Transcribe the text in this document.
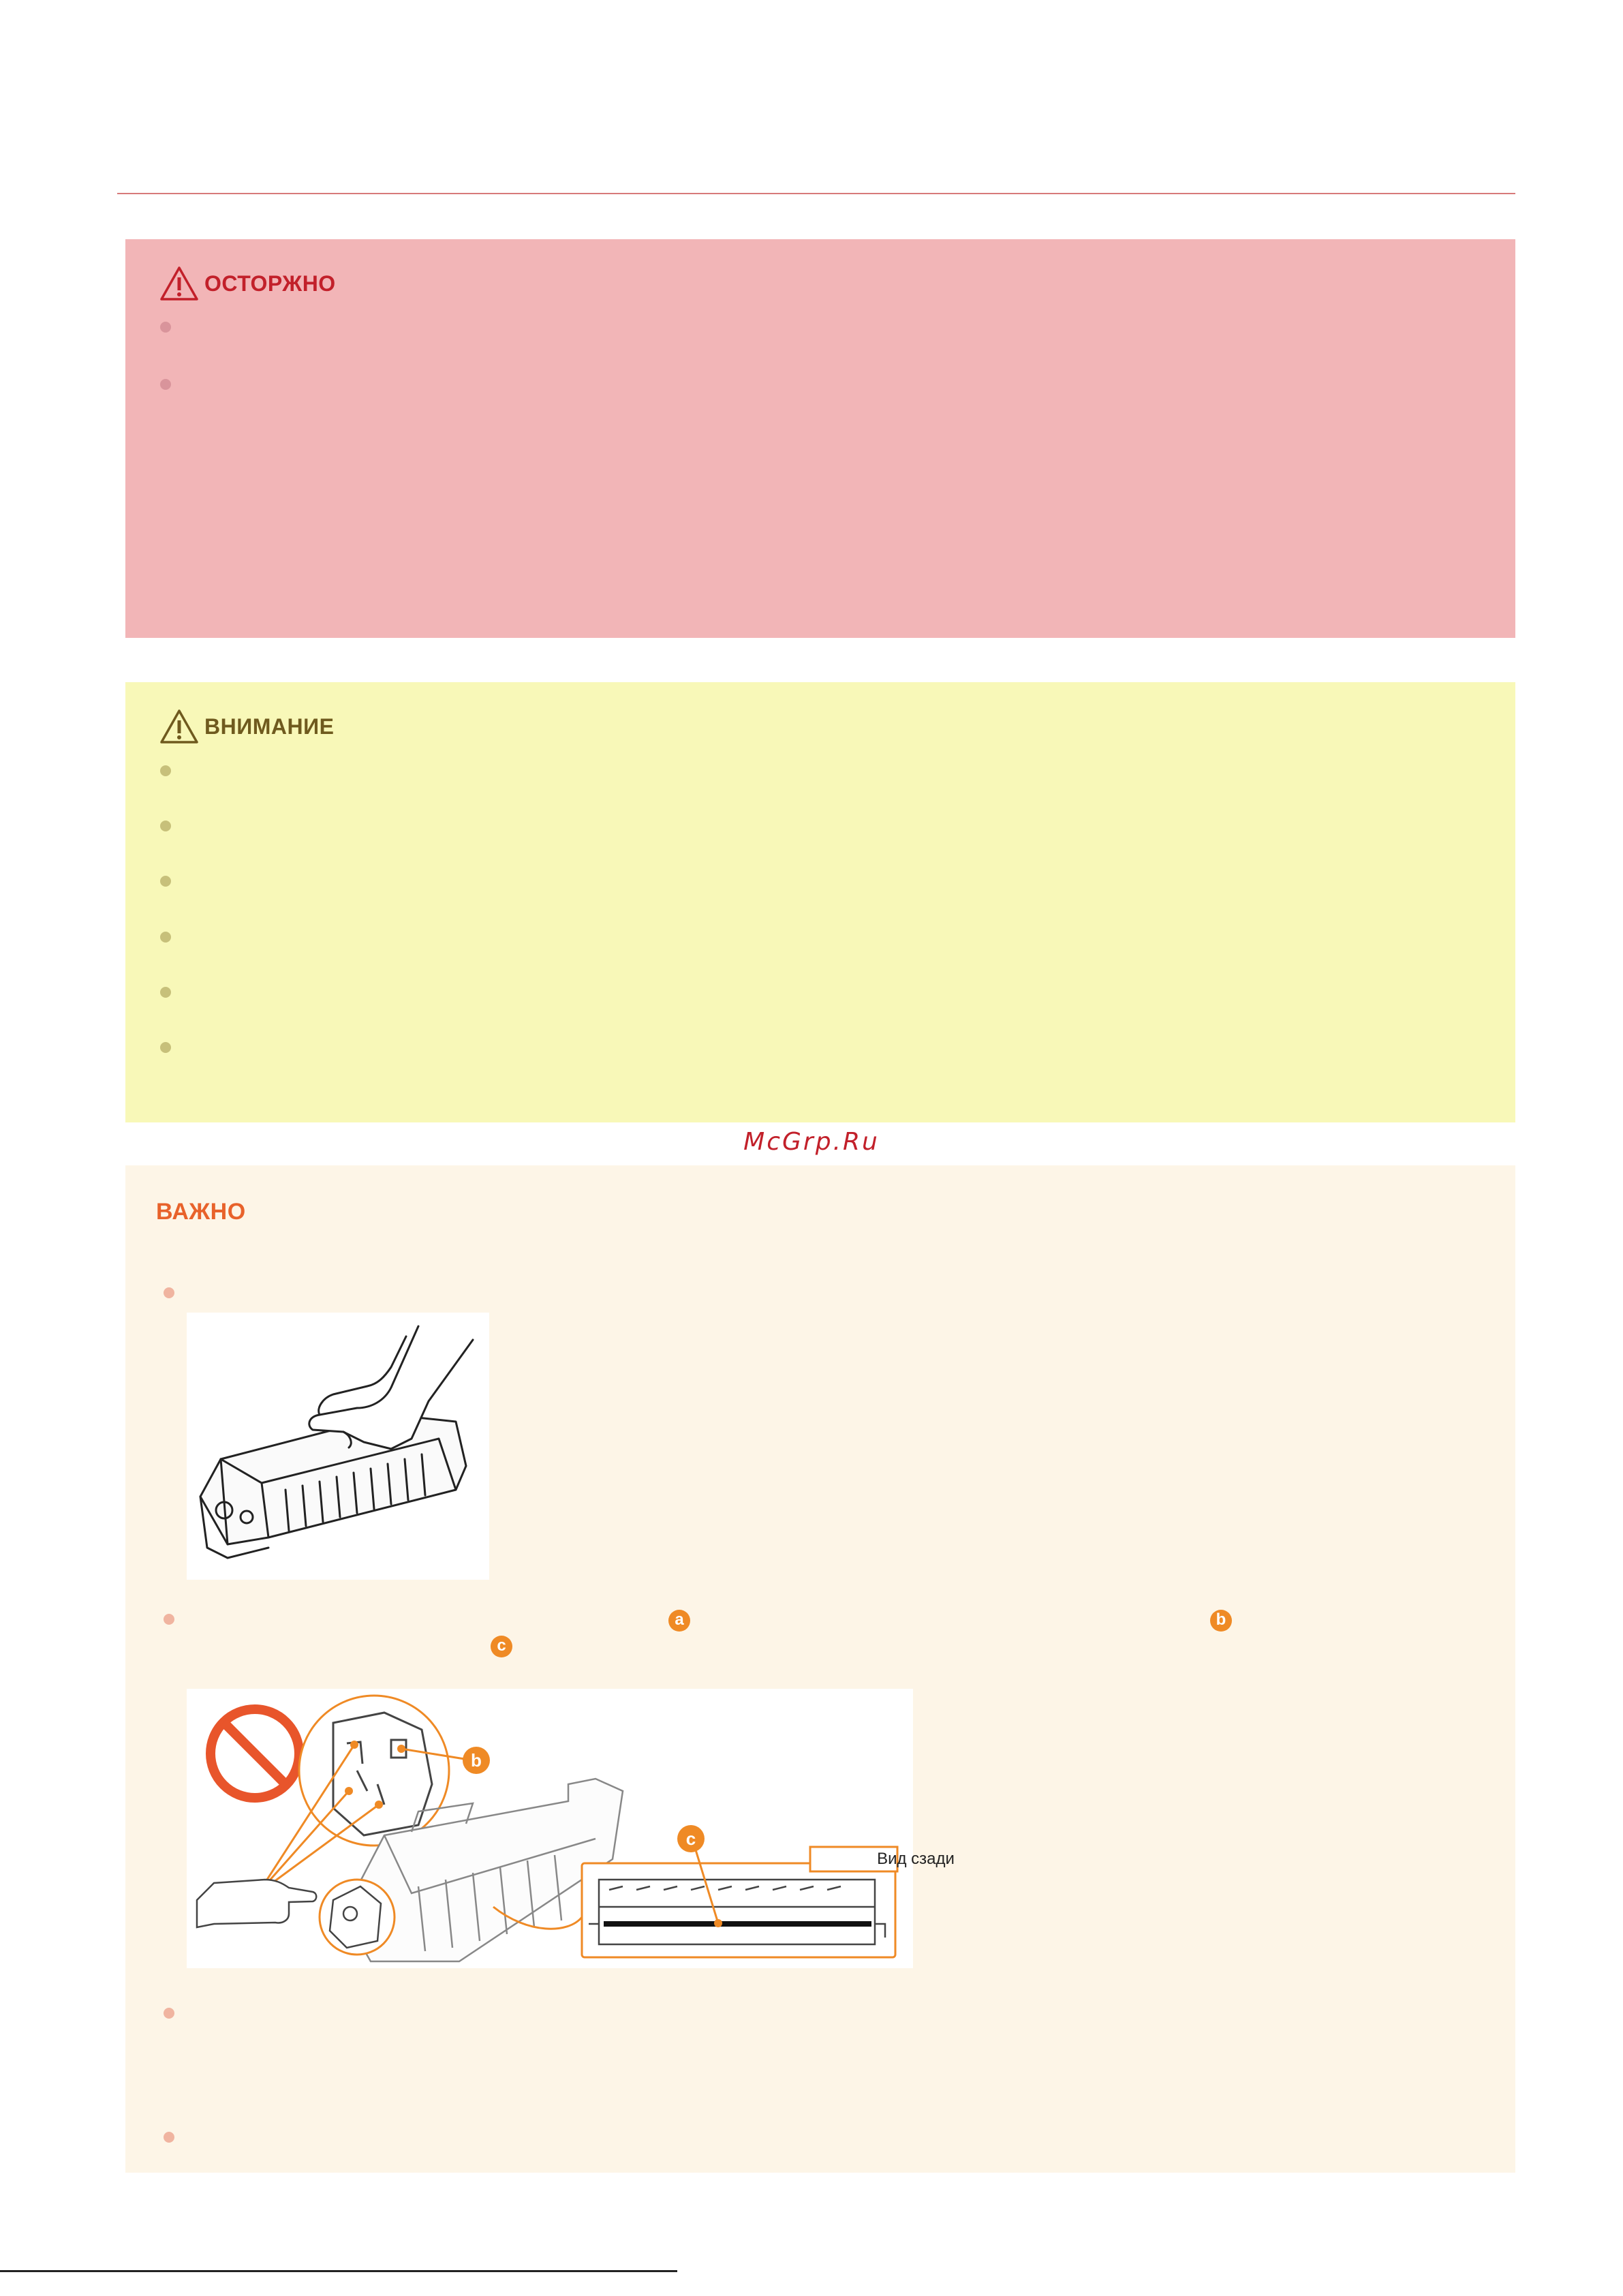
ОСТОРЖНО
ВНИМАНИЕ
McGrp.Ru
ВАЖНО
a	b
c
b
c
Вид сзади
